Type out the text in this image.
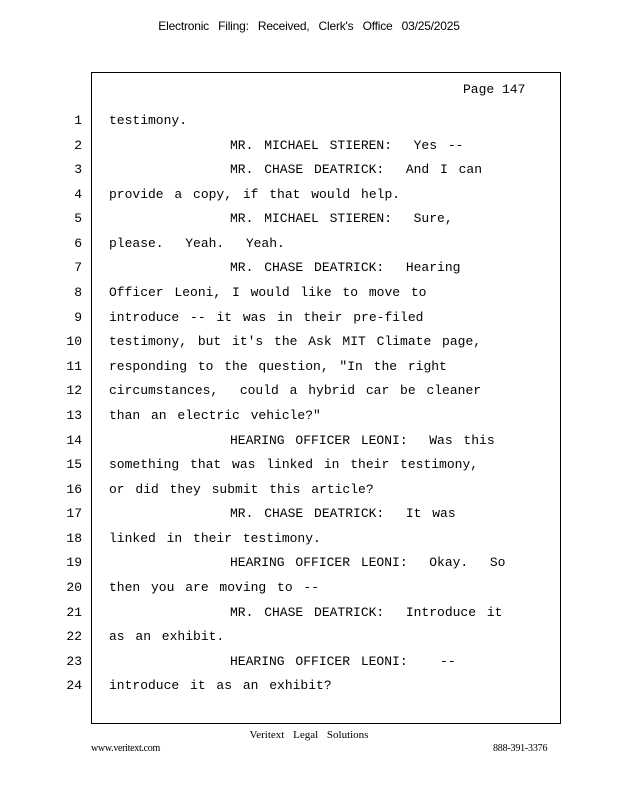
Electronic Filing: Received, Clerk's Office 03/25/2025
Page 147
1 testimony.
2	MR. MICHAEL STIEREN:  Yes --
3	MR. CHASE DEATRICK:  And I can
4 provide a copy, if that would help.
5	MR. MICHAEL STIEREN:  Sure,
6 please.  Yeah.  Yeah.
7	MR. CHASE DEATRICK:  Hearing
8 Officer Leoni, I would like to move to
9 introduce -- it was in their pre-filed
10 testimony, but it's the Ask MIT Climate page,
11 responding to the question, "In the right
12 circumstances,  could a hybrid car be cleaner
13 than an electric vehicle?"
14	HEARING OFFICER LEONI:  Was this
15 something that was linked in their testimony,
16 or did they submit this article?
17	MR. CHASE DEATRICK:  It was
18 linked in their testimony.
19	HEARING OFFICER LEONI:  Okay.  So
20 then you are moving to --
21	MR. CHASE DEATRICK:  Introduce it
22 as an exhibit.
23	HEARING OFFICER LEONI:   --
24 introduce it as an exhibit?
Veritext Legal Solutions
www.veritext.com	888-391-3376
